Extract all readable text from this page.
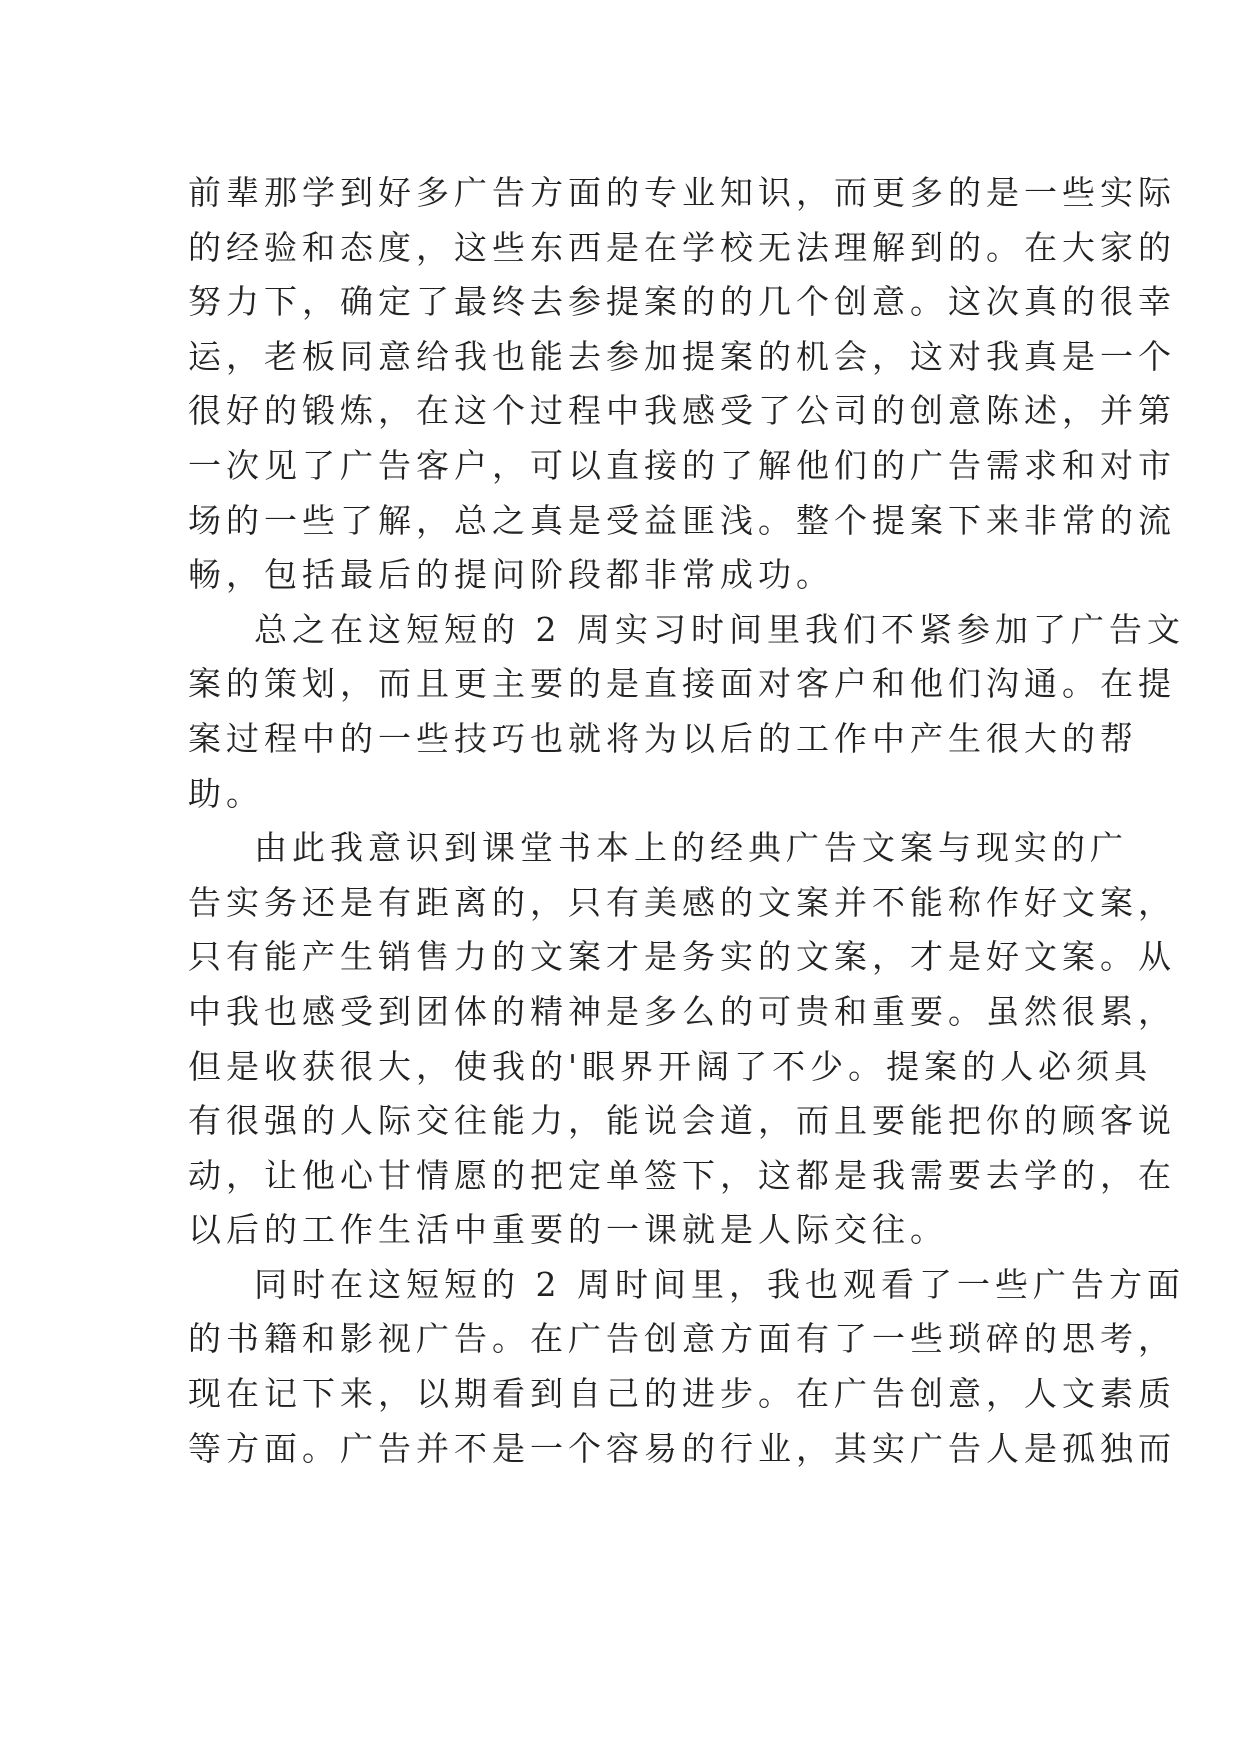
前辈那学到好多广告方面的专业知识，而更多的是一些实际
的经验和态度，这些东西是在学校无法理解到的。在大家的
努力下，确定了最终去参提案的的几个创意。这次真的很幸
运，老板同意给我也能去参加提案的机会，这对我真是一个
很好的锻炼，在这个过程中我感受了公司的创意陈述，并第
一次见了广告客户，可以直接的了解他们的广告需求和对市
场的一些了解，总之真是受益匪浅。整个提案下来非常的流
畅，包括最后的提问阶段都非常成功。
总之在这短短的 2 周实习时间里我们不紧参加了广告文
案的策划，而且更主要的是直接面对客户和他们沟通。在提
案过程中的一些技巧也就将为以后的工作中产生很大的帮
助。
由此我意识到课堂书本上的经典广告文案与现实的广
告实务还是有距离的，只有美感的文案并不能称作好文案，
只有能产生销售力的文案才是务实的文案，才是好文案。从
中我也感受到团体的精神是多么的可贵和重要。虽然很累，
但是收获很大，使我的'眼界开阔了不少。提案的人必须具
有很强的人际交往能力，能说会道，而且要能把你的顾客说
动，让他心甘情愿的把定单签下，这都是我需要去学的，在
以后的工作生活中重要的一课就是人际交往。
同时在这短短的 2 周时间里，我也观看了一些广告方面
的书籍和影视广告。在广告创意方面有了一些琐碎的思考，
现在记下来，以期看到自己的进步。在广告创意，人文素质
等方面。广告并不是一个容易的行业，其实广告人是孤独而
